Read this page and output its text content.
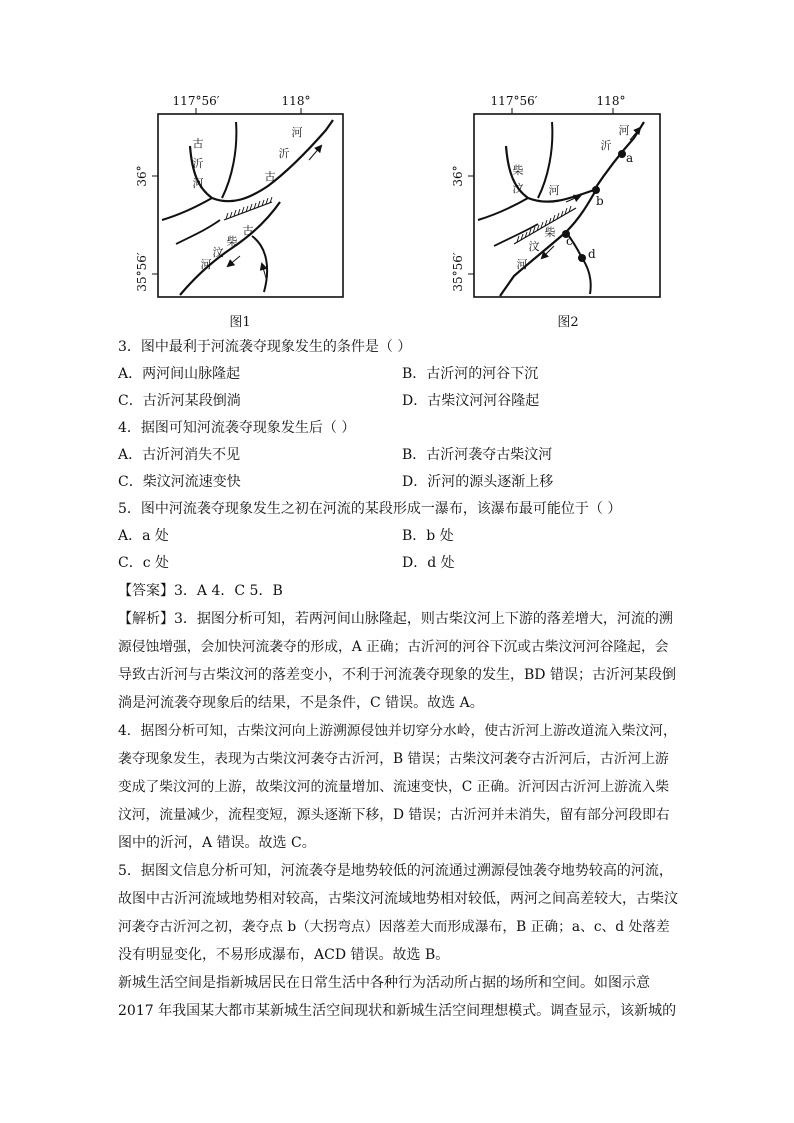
117°56′	118°
36°
35°56′
古
沂
河
河
沂
古
古
柴
汶
河
图1
117°56′	118°
36°
35°56′
a
b
c
d
河
沂
柴
汶 河
柴
汶
河
图2
3．图中最利于河流袭夺现象发生的条件是（ ）
A．两河间山脉隆起	B．古沂河的河谷下沉
C．古沂河某段倒淌	D．古柴汶河河谷隆起
4．据图可知河流袭夺现象发生后（ ）
A．古沂河消失不见	B．古沂河袭夺古柴汶河
C．柴汶河流速变快	D．沂河的源头逐渐上移
5．图中河流袭夺现象发生之初在河流的某段形成一瀑布，该瀑布最可能位于（ ）
A．a 处	B．b 处
C．c 处	D．d 处
【答案】3．A 4．C 5．B
【解析】3．据图分析可知，若两河间山脉隆起，则古柴汶河上下游的落差增大，河流的溯
源侵蚀增强，会加快河流袭夺的形成，A 正确；古沂河的河谷下沉或古柴汶河河谷隆起，会
导致古沂河与古柴汶河的落差变小，不利于河流袭夺现象的发生，BD 错误；古沂河某段倒
淌是河流袭夺现象后的结果，不是条件，C 错误。故选 A。
4．据图分析可知，古柴汶河向上游溯源侵蚀并切穿分水岭，使古沂河上游改道流入柴汶河，
袭夺现象发生，表现为古柴汶河袭夺古沂河，B 错误；古柴汶河袭夺古沂河后，古沂河上游
变成了柴汶河的上游，故柴汶河的流量增加、流速变快，C 正确。沂河因古沂河上游流入柴
汶河，流量减少，流程变短，源头逐渐下移，D 错误；古沂河并未消失，留有部分河段即右
图中的沂河，A 错误。故选 C。
5．据图文信息分析可知，河流袭夺是地势较低的河流通过溯源侵蚀袭夺地势较高的河流，
故图中古沂河流域地势相对较高，古柴汶河流域地势相对较低，两河之间高差较大，古柴汶
河袭夺古沂河之初，袭夺点 b（大拐弯点）因落差大而形成瀑布，B 正确；a、c、d 处落差
没有明显变化，不易形成瀑布，ACD 错误。故选 B。
新城生活空间是指新城居民在日常生活中各种行为活动所占据的场所和空间。如图示意
2017 年我国某大都市某新城生活空间现状和新城生活空间理想模式。调查显示，该新城的
